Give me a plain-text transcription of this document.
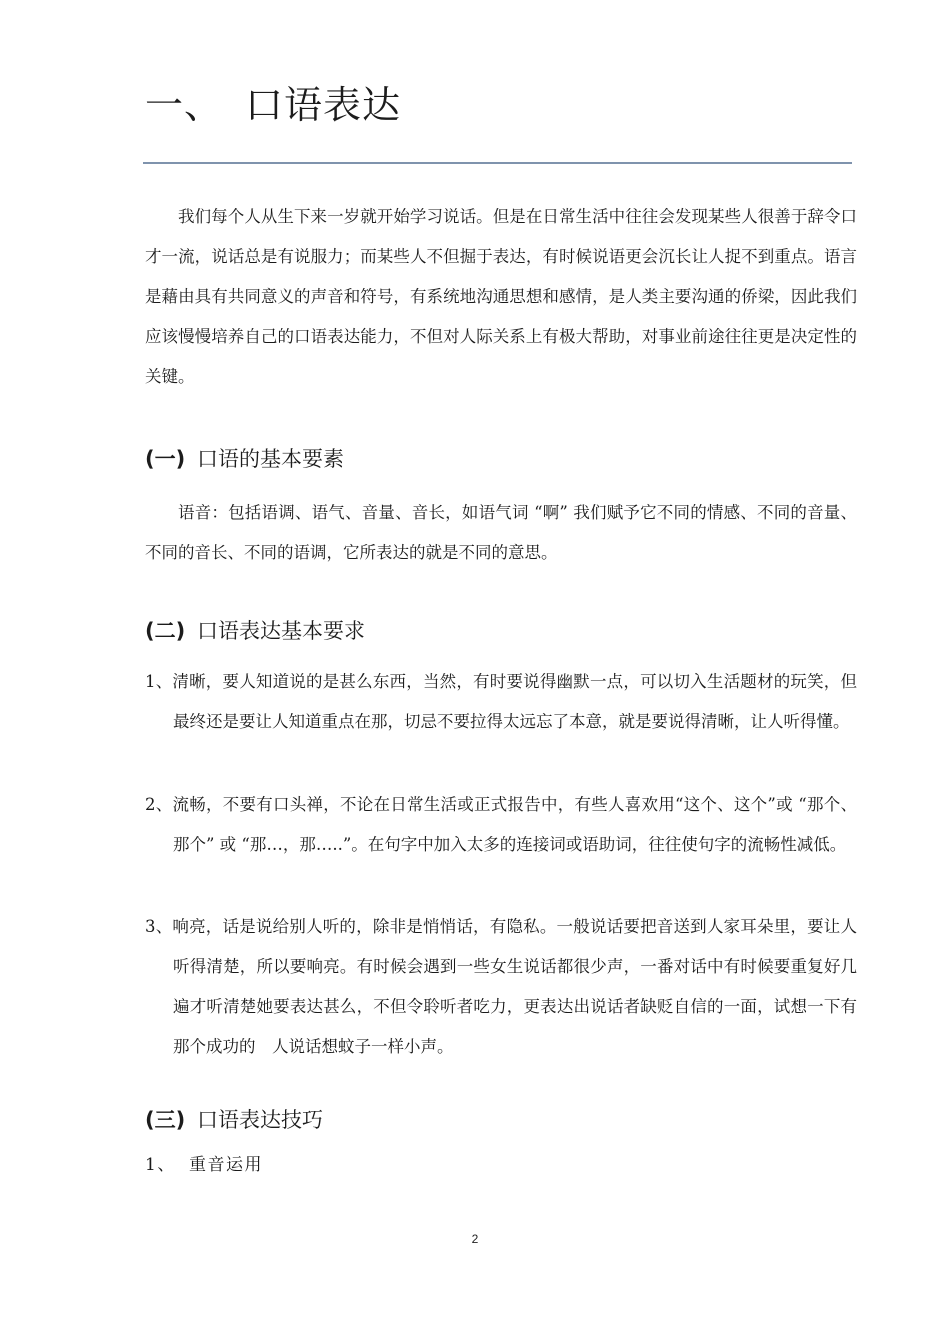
一、 口语表达

我们每个人从生下来一岁就开始学习说话。但是在日常生活中往往会发现某些人很善于辞令口才一流，说话总是有说服力；而某些人不但掘于表达，有时候说语更会沉长让人捉不到重点。语言是藉由具有共同意义的声音和符号，有系统地沟通思想和感情，是人类主要沟通的侨梁，因此我们应该慢慢培养自己的口语表达能力，不但对人际关系上有极大帮助，对事业前途往往更是决定性的关键。

(一) 口语的基本要素

语音：包括语调、语气、音量、音长，如语气词 “啊” 我们赋予它不同的情感、不同的音量、不同的音长、不同的语调，它所表达的就是不同的意思。

(二) 口语表达基本要求

1、清晰，要人知道说的是甚么东西，当然，有时要说得幽默一点，可以切入生活题材的玩笑，但最终还是要让人知道重点在那，切忌不要拉得太远忘了本意，就是要说得清晰，让人听得懂。

2、流畅，不要有口头禅，不论在日常生活或正式报告中，有些人喜欢用“这个、这个”或 “那个、那个” 或 “那…，那…..”。在句字中加入太多的连接词或语助词，往往使句字的流畅性减低。

3、响亮，话是说给别人听的，除非是悄悄话，有隐私。一般说话要把音送到人家耳朵里，要让人听得清楚，所以要响亮。有时候会遇到一些女生说话都很少声，一番对话中有时候要重复好几遍才听清楚她要表达甚么，不但令聆听者吃力，更表达出说话者缺贬自信的一面，试想一下有那个成功的　人说话想蚊子一样小声。

(三) 口语表达技巧
1、 重音运用
2
